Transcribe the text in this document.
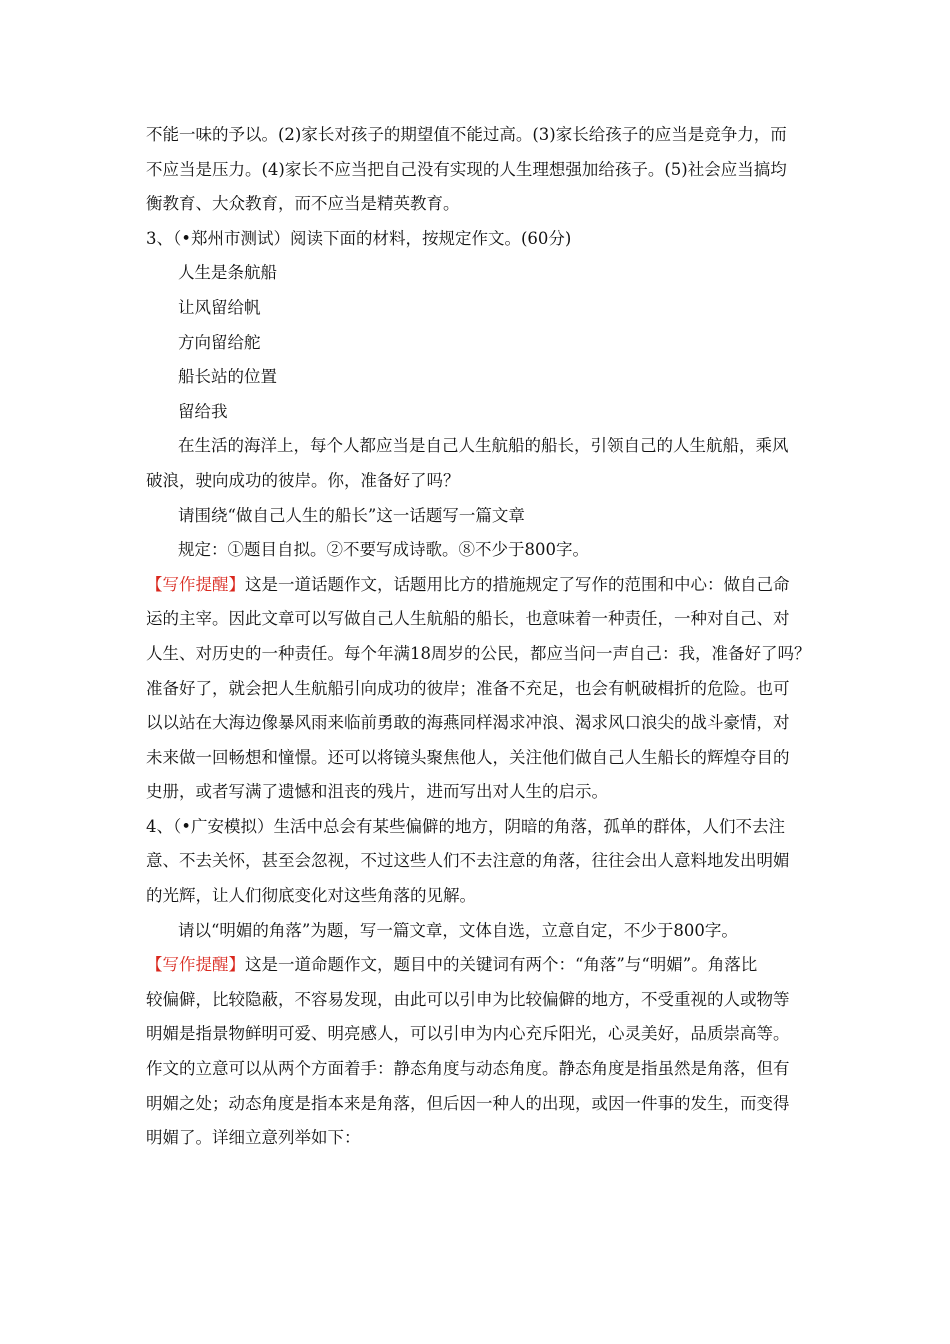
不能一味的予以。(2)家长对孩子的期望值不能过高。(3)家长给孩子的应当是竞争力，而
不应当是压力。(4)家长不应当把自己没有实现的人生理想强加给孩子。(5)社会应当搞均
衡教育、大众教育，而不应当是精英教育。
3、（•郑州市测试）阅读下面的材料，按规定作文。(60分)
人生是条航船
让风留给帆
方向留给舵
船长站的位置
留给我
在生活的海洋上，每个人都应当是自己人生航船的船长，引领自己的人生航船，乘风
破浪，驶向成功的彼岸。你，准备好了吗？
请围绕“做自己人生的船长”这一话题写一篇文章
规定：①题目自拟。②不要写成诗歌。⑧不少于800字。
【写作提醒】这是一道话题作文，话题用比方的措施规定了写作的范围和中心：做自己命
运的主宰。因此文章可以写做自己人生航船的船长，也意味着一种责任，一种对自己、对
人生、对历史的一种责任。每个年满18周岁的公民，都应当问一声自己：我，准备好了吗？
准备好了，就会把人生航船引向成功的彼岸；准备不充足，也会有帆破楫折的危险。也可
以以站在大海边像暴风雨来临前勇敢的海燕同样渴求冲浪、渴求风口浪尖的战斗豪情，对
未来做一回畅想和憧憬。还可以将镜头聚焦他人，关注他们做自己人生船长的辉煌夺目的
史册，或者写满了遗憾和沮丧的残片，进而写出对人生的启示。
4、（•广安模拟）生活中总会有某些偏僻的地方，阴暗的角落，孤单的群体，人们不去注
意、不去关怀，甚至会忽视，不过这些人们不去注意的角落，往往会出人意料地发出明媚
的光辉，让人们彻底变化对这些角落的见解。
请以“明媚的角落”为题，写一篇文章，文体自选，立意自定，不少于800字。
【写作提醒】这是一道命题作文，题目中的关键词有两个：“角落”与“明媚”。角落比
较偏僻，比较隐蔽，不容易发现，由此可以引申为比较偏僻的地方，不受重视的人或物等
明媚是指景物鲜明可爱、明亮感人，可以引申为内心充斥阳光，心灵美好，品质崇高等。
作文的立意可以从两个方面着手：静态角度与动态角度。静态角度是指虽然是角落，但有
明媚之处；动态角度是指本来是角落，但后因一种人的出现，或因一件事的发生，而变得
明媚了。详细立意列举如下：
